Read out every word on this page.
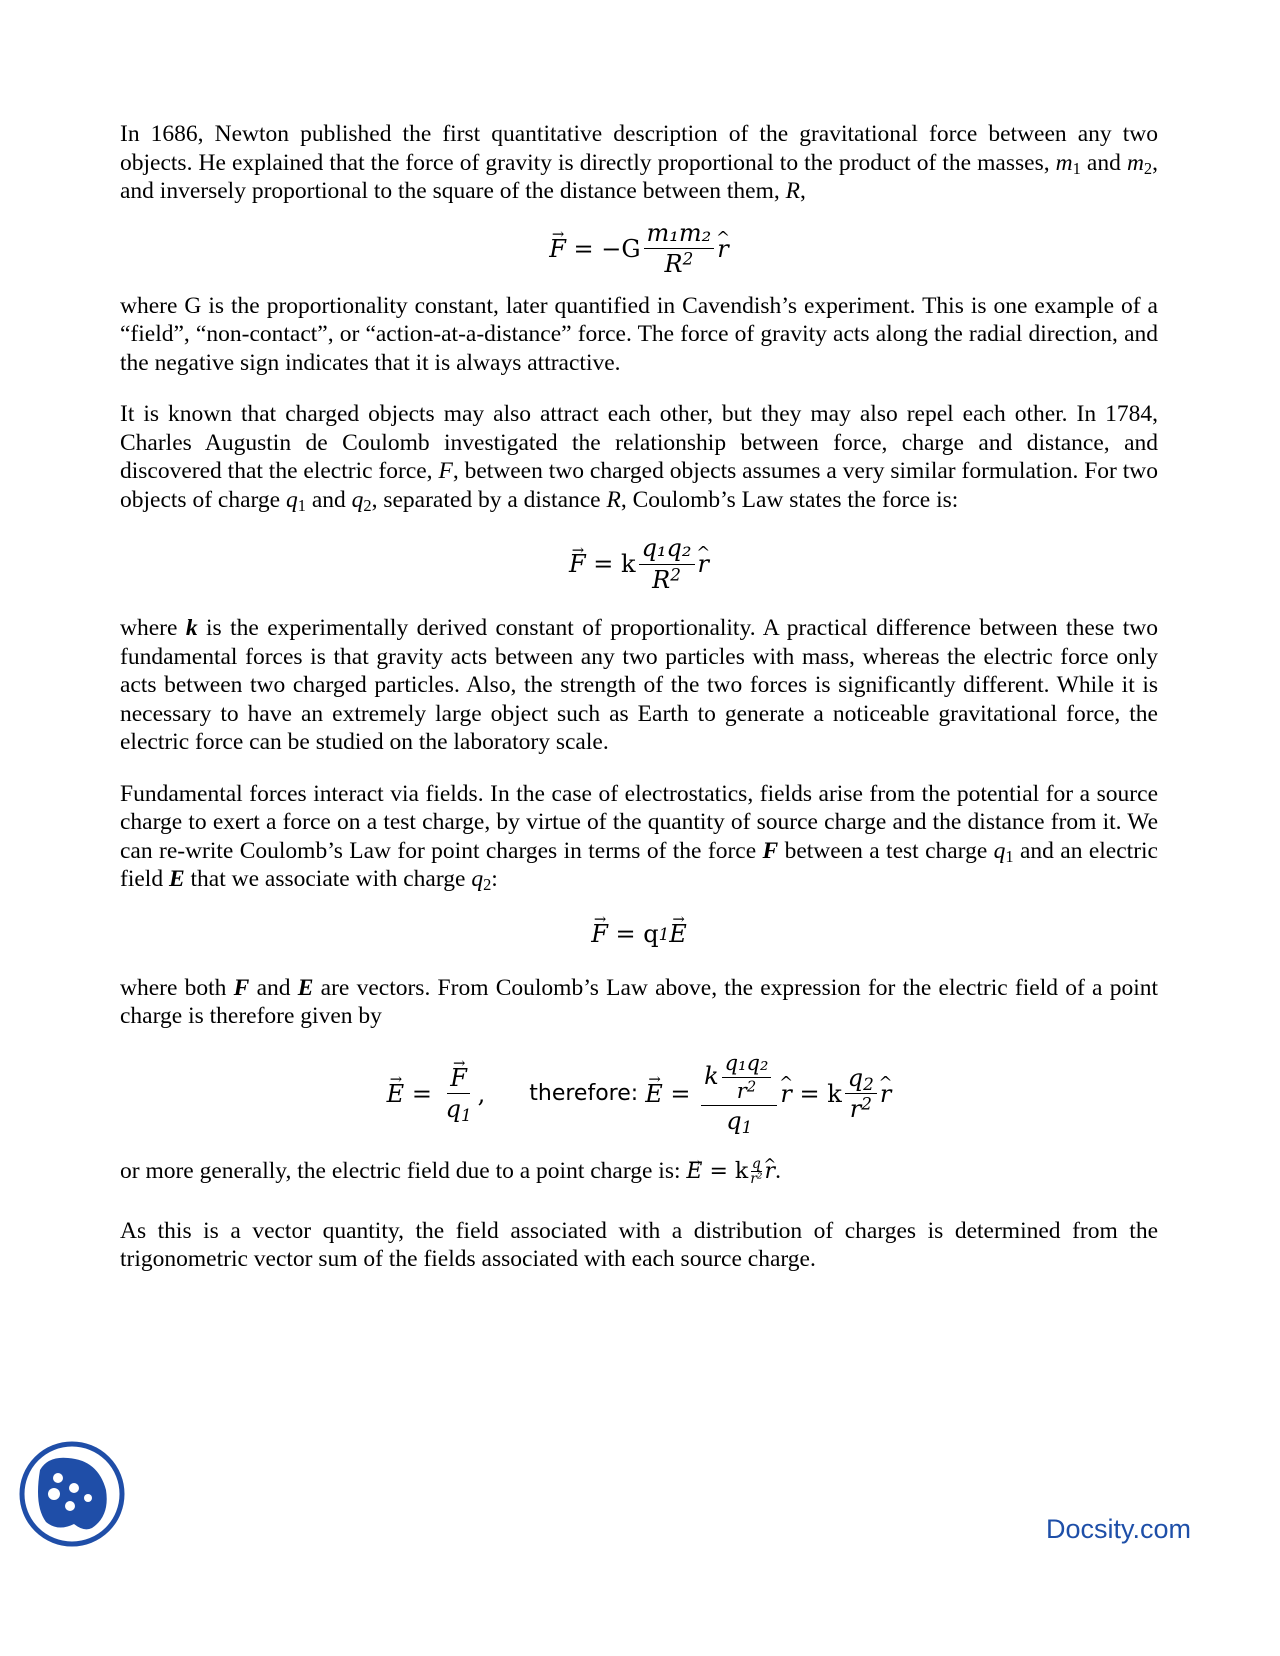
In 1686, Newton published the first quantitative description of the gravitational force between any two objects. He explained that the force of gravity is directly proportional to the product of the masses, $m_1$ and $m_2$, and inversely proportional to the square of the distance between them, R,

→ $F = -G \frac{\text{m₁m₂}}{R^2}$ ^ r

where G is the proportionality constant, later quantified in Cavendish’s experiment. This is one example of a “field”, “non-contact”, or “action-at-a-distance” force. The force of gravity acts along the radial direction, and the negative sign indicates that it is always attractive.

It is known that charged objects may also attract each other, but they may also repel each other. In 1784, Charles Augustin de Coulomb investigated the relationship between force, charge and distance, and discovered that the electric force, F, between two charged objects assumes a very similar formulation. For two objects of charge $q_1$ and $q_2$, separated by a distance R, Coulomb’s Law states the force is:

→ F = k $\frac{\text{q₁q₂}}{R^2}$ ^ r

where k is the experimentally derived constant of proportionality. A practical difference between these two fundamental forces is that gravity acts between any two particles with mass, whereas the electric force only acts between two charged particles. Also, the strength of the two forces is significantly different. While it is necessary to have an extremely large object such as Earth to generate a noticeable gravitational force, the electric force can be studied on the laboratory scale.

Fundamental forces interact via fields. In the case of electrostatics, fields arise from the potential for a source charge to exert a force on a test charge, by virtue of the quantity of source charge and the distance from it. We can re-write Coulomb’s Law for point charges in terms of the force F between a test charge $q_1$ and an electric field E that we associate with charge $q_2$:

→ F = q 1 → E

where both F and E are vectors. From Coulomb’s Law above, the expression for the electric field of a point charge is therefore given by

→ E = → $\frac{F}{q_1}$ , therefore: → $E = \frac{k \frac{\text{q₁q₂}}{r^2}}{q_1}$ ^ r = k $\frac{q_2}{r^2}$ ^ r

or more generally, the electric field due to a point charge is: → E = k $\frac{q}{\text{r²}}$ ^ r.

As this is a vector quantity, the field associated with a distribution of charges is determined from the trigonometric vector sum of the fields associated with each source charge.

Docsity.com
